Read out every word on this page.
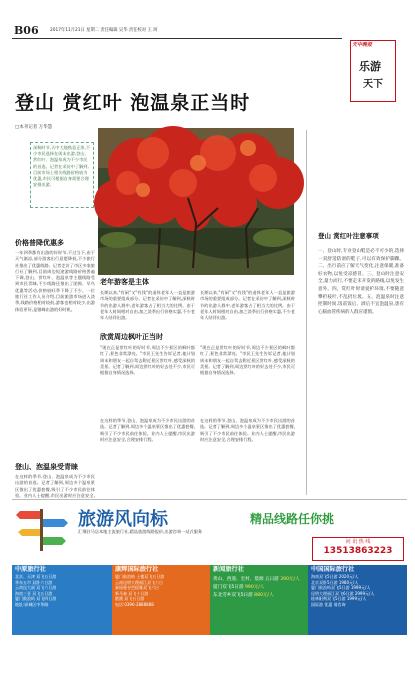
B06	2017年11月21日 星期二 责任编辑 吴华 责任校对 王 珂
天中晚报
乐游
天下
登山 赏红叶 泡温泉正当时
□本刊记者 万华慧
深秋时节,天中大地秋意正浓,不少市民选择在周末出游,登山、赏红叶、泡温泉成为不少市民的首选。记者在采访中了解到,目前市场上相关线路价格较为优惠,市民可根据自身需要合理安排出游。
价格普降优惠多
一年四季都有出游的好时节,不过当下,由于天气渐凉,部分游客出行意愿降低,不少旅行社推出了优惠线路。记者走访了市区多家旅行社了解到,目前周边短途游线路价格普遍下调,登山、赏红叶、泡温泉等主题线路受到市民青睐,不少线路还推出了团购、早鸟优惠等活动,价格较旺季下降了不少。一位旅行社工作人员介绍,目前旅游市场进入淡季,线路价格相对较低,游客也相对较少,出游体验更好,是错峰出游的好时机。
老年游客是主体
长期以来,"有闲"又"有钱"的退休老年人一直是旅游市场的重要组成部分。记者在采访中了解到,深秋时节的出游人群中,老年游客占了相当大的比例。由于老年人时间相对自由,加之淡季出行价格实惠,不少老年人结伴出游。
长期以来,"有闲"又"有钱"的退休老年人一直是旅游市场的重要组成部分。记者在采访中了解到,深秋时节的出游人群中,老年游客占了相当大的比例。由于老年人时间相对自由,加之淡季出行价格实惠,不少老年人结伴出游。
欣赏周边枫叶正当时
"现在正是赏红叶的好时节,周边不少景区的枫叶都红了,景色非常漂亮。"市民王先生告诉记者,他计划周末和朋友一起自驾去附近景区赏红叶,感受深秋的美景。记者了解到,周边赏红叶的好去处不少,市民可根据自身情况选择。
"现在正是赏红叶的好时节,周边不少景区的枫叶都红了,景色非常漂亮。"市民王先生告诉记者,他计划周末和朋友一起自驾去附近景区赏红叶,感受深秋的美景。记者了解到,周边赏红叶的好去处不少,市民可根据自身情况选择。
登山、泡温泉受青睐
在这样的季节,登山、泡温泉成为不少市民出游的首选。记者了解到,周边多个温泉景区推出了优惠套餐,吸引了不少市民前往体验。业内人士提醒,市民出游时应注意安全,
在这样的季节,登山、泡温泉成为不少市民出游的首选。记者了解到,周边多个温泉景区推出了优惠套餐,吸引了不少市民前往体验。业内人士提醒,市民出游时应注意安全,合理安排行程。
在这样的季节,登山、泡温泉成为不少市民出游的首选。记者了解到,周边多个温泉景区推出了优惠套餐,吸引了不少市民前往体验。业内人士提醒,市民出游时应注意安全,合理安排行程。
登山 赏红叶注意事项
一、登山时,专业登山鞋是必不可少的,选择一双舒适防滑的鞋子,可以有效保护脚踝。二、出行前应了解天气变化,注意保暖,准备好衣物,以免受凉感冒。三、登山时注意安全,量力而行,不要走未开发的路线,以免发生意外。四、赏红叶时请爱护环境,不要随意攀折枝叶,不乱扔垃圾。五、泡温泉时注意控制时间,饭前饭后、酒后不宜泡温泉,患有心脑血管疾病的人群应谨慎。
旅游风向标	精品线路任你挑
汇聚驻马店本地主流旅行社,精品旅游线路报价,出游咨询一站式服务
问 讯 热 线
13513863223
中原旅行社
北京、天津 双飞五日游
华东五市 双卧六日游
云南昆大丽 双飞六日游
海南三亚 双飞五日游
厦门鼓浪屿 双飞四日游
地址:驿城区中华路
康辉国际旅行社
厦门鼓浪屿 土楼双飞五日游
云南昆明大理丽江双飞六日
泰国曼谷芭提雅双飞六日
新马泰 双飞十日游
港澳 双飞五日游
电话:0396-2888888
新闻旅行社
黄山、西递、宏村、婺源 五日游 390元/人
厦门双飞5日游 990元/人
东北雪乡双飞5日游 880元/人
中国国际旅行社
海南双飞5日游 2020元/人
北京双卧5日游 1980元/人
厦门鼓浪屿双飞5日游 1999元/人
昆明大理丽江双飞6日游 2999元/人
桂林阳朔双飞5日游 1999元/人
国际游 优惠 请咨询
